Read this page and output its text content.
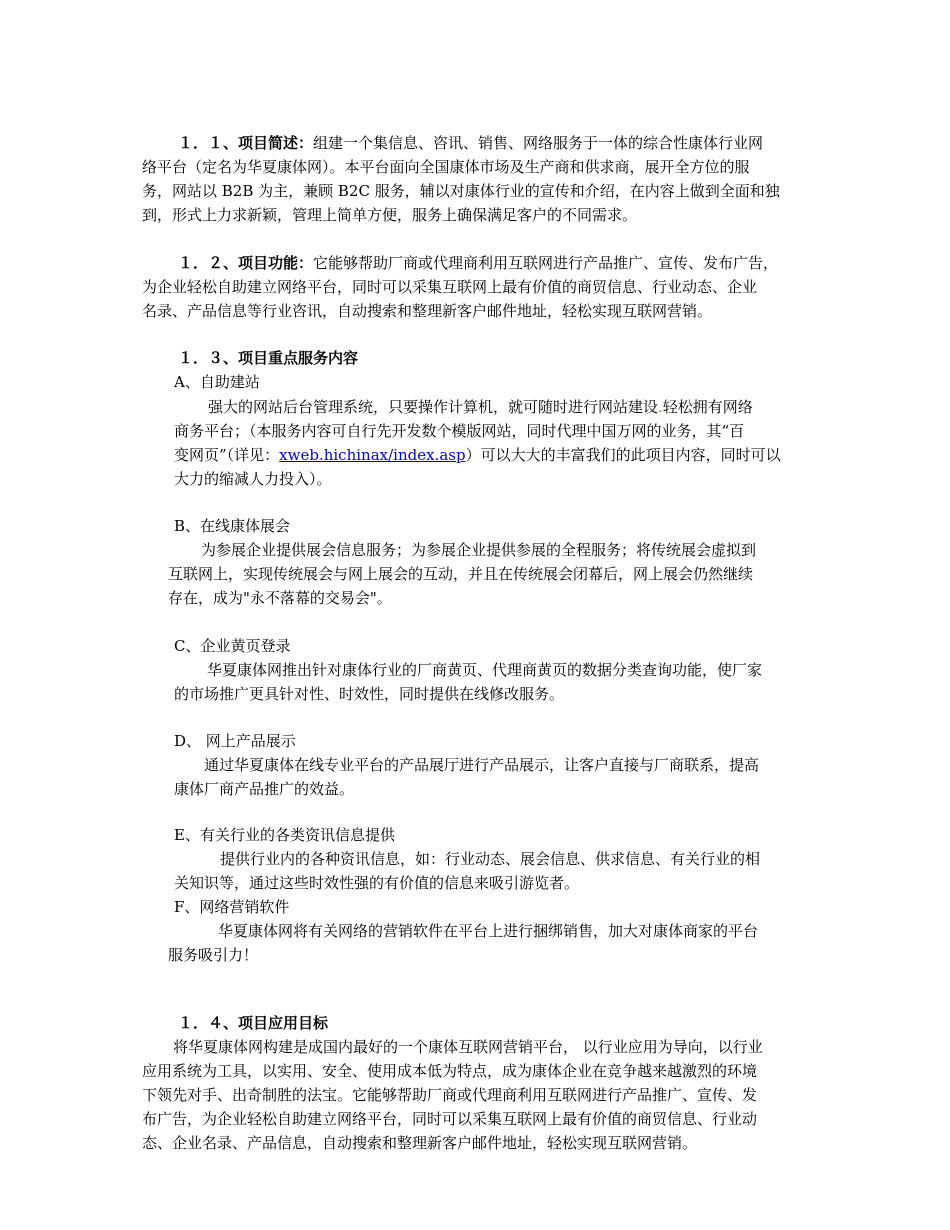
１．１、项目简述：组建一个集信息、咨讯、销售、网络服务于一体的综合性康体行业网
络平台（定名为华夏康体网）。本平台面向全国康体市场及生产商和供求商，展开全方位的服
务，网站以 B2B 为主，兼顾 B2C 服务，辅以对康体行业的宣传和介绍，在内容上做到全面和独
到，形式上力求新颖，管理上简单方便，服务上确保满足客户的不同需求。
１．２、项目功能：它能够帮助厂商或代理商利用互联网进行产品推广、宣传、发布广告，
为企业轻松自助建立网络平台，同时可以采集互联网上最有价值的商贸信息、行业动态、企业
名录、产品信息等行业咨讯，自动搜索和整理新客户邮件地址，轻松实现互联网营销。
１．３、项目重点服务内容
A、自助建站
强大的网站后台管理系统，只要操作计算机，就可随时进行网站建设.轻松拥有网络
商务平台；（本服务内容可自行先开发数个模版网站，同时代理中国万网的业务，其“百
变网页”（详见：xweb.hichinax/index.asp）可以大大的丰富我们的此项目内容，同时可以
大力的缩减人力投入）。
B、在线康体展会
为参展企业提供展会信息服务；为参展企业提供参展的全程服务；将传统展会虚拟到
互联网上，实现传统展会与网上展会的互动，并且在传统展会闭幕后，网上展会仍然继续
存在，成为"永不落幕的交易会"。
C、企业黄页登录
华夏康体网推出针对康体行业的厂商黄页、代理商黄页的数据分类查询功能，使厂家
的市场推广更具针对性、时效性，同时提供在线修改服务。
D、 网上产品展示
通过华夏康体在线专业平台的产品展厅进行产品展示，让客户直接与厂商联系，提高
康体厂商产品推广的效益。
E、有关行业的各类资讯信息提供
提供行业内的各种资讯信息，如：行业动态、展会信息、供求信息、有关行业的相
关知识等，通过这些时效性强的有价值的信息来吸引游览者。
F、网络营销软件
华夏康体网将有关网络的营销软件在平台上进行捆绑销售，加大对康体商家的平台
服务吸引力！
１．４、项目应用目标
将华夏康体网构建是成国内最好的一个康体互联网营销平台， 以行业应用为导向，以行业
应用系统为工具，以实用、安全、使用成本低为特点，成为康体企业在竞争越来越激烈的环境
下领先对手、出奇制胜的法宝。它能够帮助厂商或代理商利用互联网进行产品推广、宣传、发
布广告，为企业轻松自助建立网络平台，同时可以采集互联网上最有价值的商贸信息、行业动
态、企业名录、产品信息，自动搜索和整理新客户邮件地址，轻松实现互联网营销。
